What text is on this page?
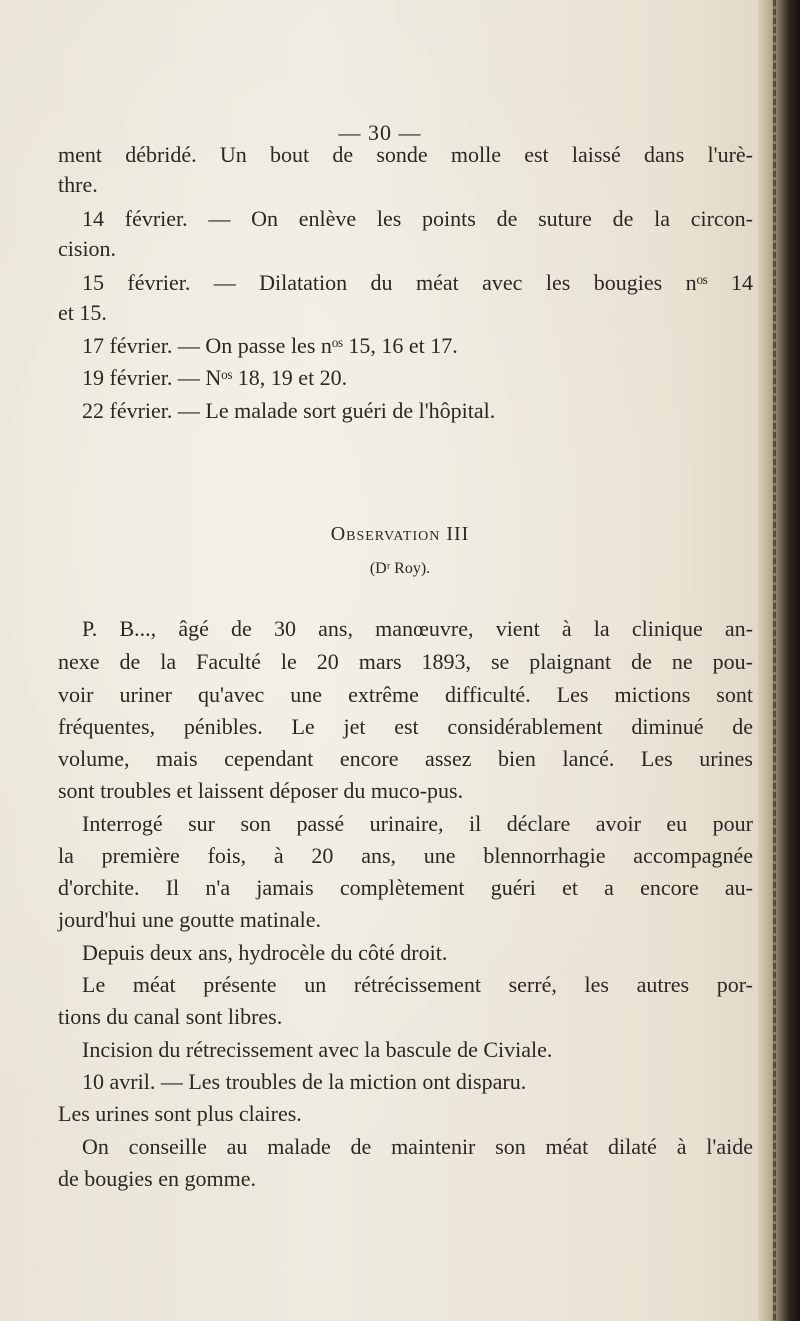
— 30 —
ment débridé. Un bout de sonde molle est laissé dans l'urè-
thre.
14 février. — On enlève les points de suture de la circon-
cision.
15 février. — Dilatation du méat avec les bougies nᵒˢ 14
et 15.
17 février. — On passe les nᵒˢ 15, 16 et 17.
19 février. — Nᵒˢ 18, 19 et 20.
22 février. — Le malade sort guéri de l'hôpital.
Observation III
(Dʳ Roy).
P. B..., âgé de 30 ans, manœuvre, vient à la clinique an-
nexe de la Faculté le 20 mars 1893, se plaignant de ne pou-
voir uriner qu'avec une extrême difficulté. Les mictions sont
fréquentes, pénibles. Le jet est considérablement diminué de
volume, mais cependant encore assez bien lancé. Les urines
sont troubles et laissent déposer du muco-pus.
Interrogé sur son passé urinaire, il déclare avoir eu pour
la première fois, à 20 ans, une blennorrhagie accompagnée
d'orchite. Il n'a jamais complètement guéri et a encore au-
jourd'hui une goutte matinale.
Depuis deux ans, hydrocèle du côté droit.
Le méat présente un rétrécissement serré, les autres por-
tions du canal sont libres.
Incision du rétrecissement avec la bascule de Civiale.
10 avril. — Les troubles de la miction ont disparu.
Les urines sont plus claires.
On conseille au malade de maintenir son méat dilaté à l'aide
de bougies en gomme.
